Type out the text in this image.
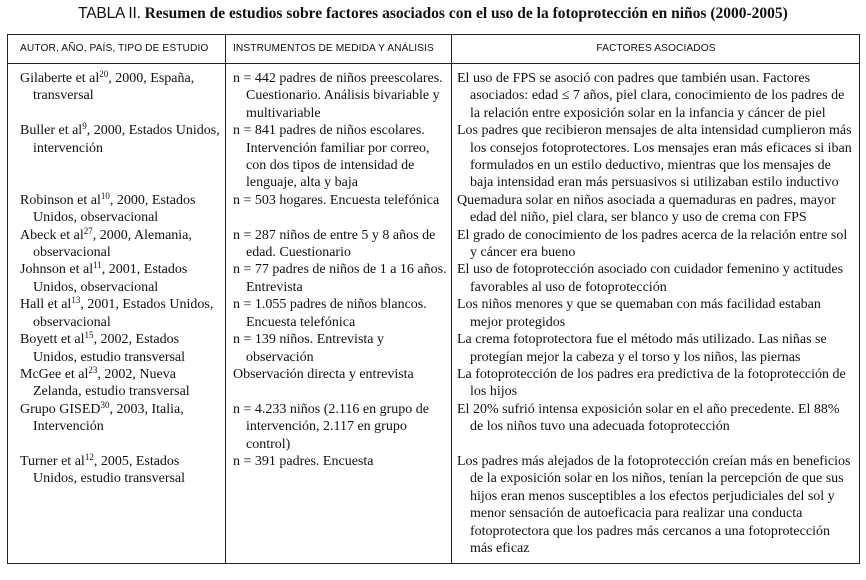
TABLA II. Resumen de estudios sobre factores asociados con el uso de la fotoprotección en niños (2000-2005)
AUTOR, AÑO, PAÍS, TIPO DE ESTUDIO	INSTRUMENTOS DE MEDIDA Y ANÁLISIS	FACTORES ASOCIADOS

Gilaberte et $al^{20}$, 2000, España, transversal	n = 442 padres de niños preescolares. Cuestionario. Análisis bivariable y multivariable	El uso de FPS se asoció con padres que también usan. Factores asociados: edad ≤ 7 años, piel clara, conocimiento de los padres de la relación entre exposición solar en la infancia y cáncer de piel

Buller et $al^9$, 2000, Estados Unidos, intervención	n = 841 padres de niños escolares. Intervención familiar por correo, con dos tipos de intensidad de lenguaje, alta y baja	Los padres que recibieron mensajes de alta intensidad cumplieron más los consejos fotoprotectores. Los mensajes eran más eficaces si iban formulados en un estilo deductivo, mientras que los mensajes de baja intensidad eran más persuasivos si utilizaban estilo inductivo

Robinson et $al^{10}$, 2000, Estados Unidos, observacional	n = 503 hogares. Encuesta telefónica	Quemadura solar en niños asociada a quemaduras en padres, mayor edad del niño, piel clara, ser blanco y uso de crema con FPS

Abeck et $al^{27}$, 2000, Alemania, observacional	n = 287 niños de entre 5 y 8 años de edad. Cuestionario	El grado de conocimiento de los padres acerca de la relación entre sol y cáncer era bueno

Johnson et $al^{11}$, 2001, Estados Unidos, observacional	n = 77 padres de niños de 1 a 16 años. Entrevista	El uso de fotoprotección asociado con cuidador femenino y actitudes favorables al uso de fotoprotección

Hall et $al^{13}$, 2001, Estados Unidos, observacional	n = 1.055 padres de niños blancos. Encuesta telefónica	Los niños menores y que se quemaban con más facilidad estaban mejor protegidos

Boyett et $al^{15}$, 2002, Estados Unidos, estudio transversal	n = 139 niños. Entrevista y observación	La crema fotoprotectora fue el método más utilizado. Las niñas se protegían mejor la cabeza y el torso y los niños, las piernas

McGee et $al^{23}$, 2002, Nueva Zelanda, estudio transversal	Observación directa y entrevista	La fotoprotección de los padres era predictiva de la fotoprotección de los hijos

Grupo GISED$^{30}$, 2003, Italia, Intervención	n = 4.233 niños (2.116 en grupo de intervención, 2.117 en grupo control)	El 20% sufrió intensa exposición solar en el año precedente. El 88% de los niños tuvo una adecuada fotoprotección

Turner et $al^{12}$, 2005, Estados Unidos, estudio transversal	n = 391 padres. Encuesta	Los padres más alejados de la fotoprotección creían más en beneficios de la exposición solar en los niños, tenían la percepción de que sus hijos eran menos susceptibles a los efectos perjudiciales del sol y menor sensación de autoeficacia para realizar una conducta fotoprotectora que los padres más cercanos a una fotoprotección más eficaz
